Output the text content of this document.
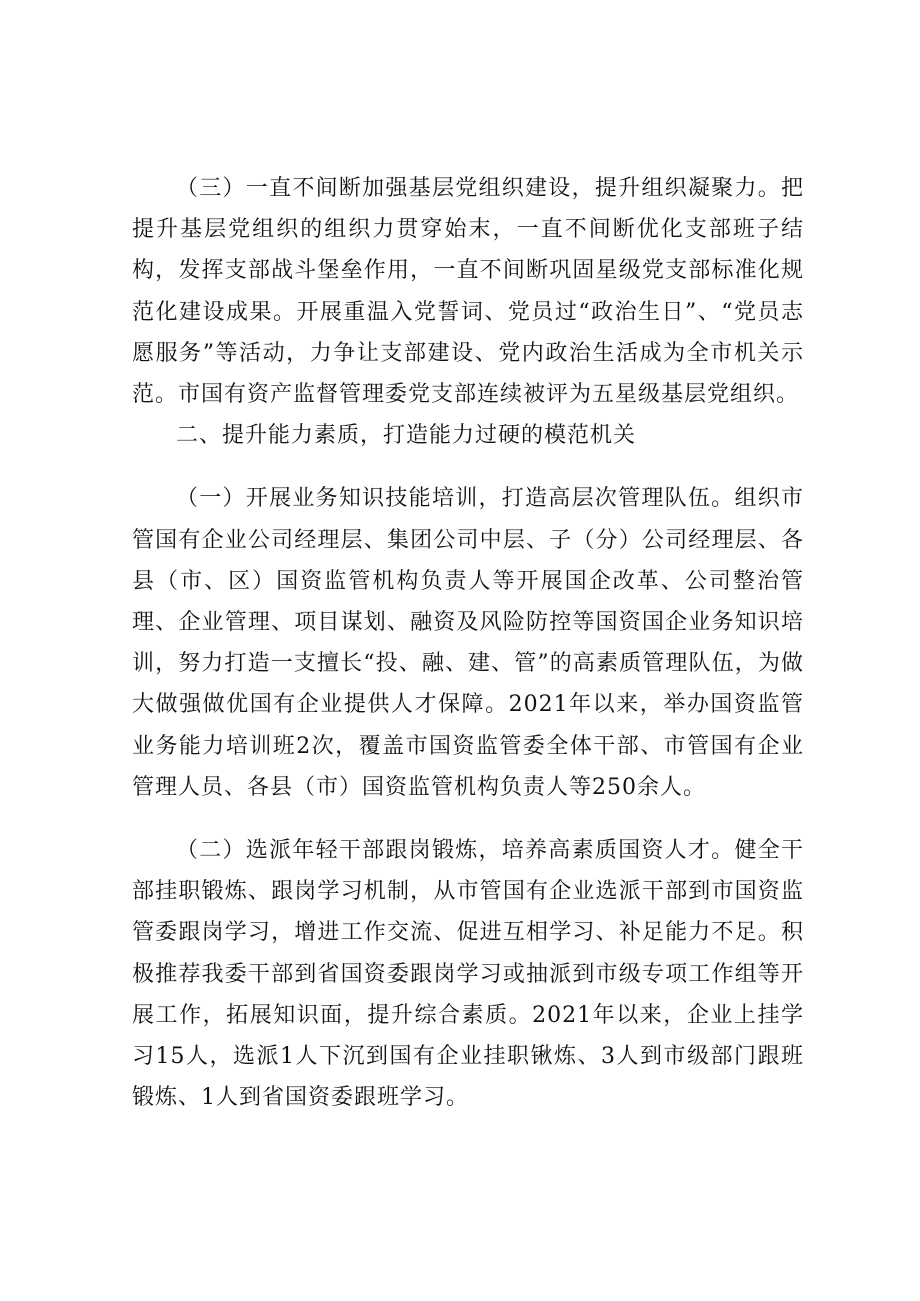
（三）一直不间断加强基层党组织建设，提升组织凝聚力。把提升基层党组织的组织力贯穿始末，一直不间断优化支部班子结构，发挥支部战斗堡垒作用，一直不间断巩固星级党支部标准化规范化建设成果。开展重温入党誓词、党员过“政治生日”、“党员志愿服务”等活动，力争让支部建设、党内政治生活成为全市机关示范。市国有资产监督管理委党支部连续被评为五星级基层党组织。

二、提升能力素质，打造能力过硬的模范机关

（一）开展业务知识技能培训，打造高层次管理队伍。组织市管国有企业公司经理层、集团公司中层、子（分）公司经理层、各县（市、区）国资监管机构负责人等开展国企改革、公司整治管理、企业管理、项目谋划、融资及风险防控等国资国企业务知识培训，努力打造一支擅长“投、融、建、管”的高素质管理队伍，为做大做强做优国有企业提供人才保障。2021年以来，举办国资监管业务能力培训班2次，覆盖市国资监管委全体干部、市管国有企业管理人员、各县（市）国资监管机构负责人等250余人。

（二）选派年轻干部跟岗锻炼，培养高素质国资人才。健全干部挂职锻炼、跟岗学习机制，从市管国有企业选派干部到市国资监管委跟岗学习，增进工作交流、促进互相学习、补足能力不足。积极推荐我委干部到省国资委跟岗学习或抽派到市级专项工作组等开展工作，拓展知识面，提升综合素质。2021年以来，企业上挂学习15人，选派1人下沉到国有企业挂职锹炼、3人到市级部门跟班锻炼、1人到省国资委跟班学习。
